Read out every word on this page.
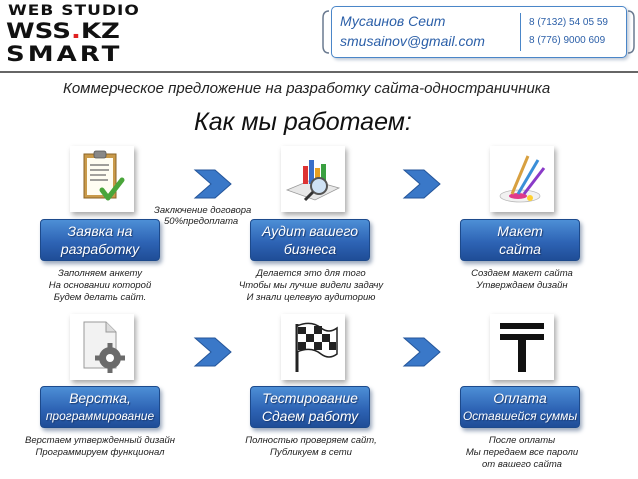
WEB STUDIO
WSS.KZ
SMART
Мусаинов Сеит
smusainov@gmail.com
8 (7132) 54 05 59
8 (776) 9000 609
Коммерческое предложение на разработку сайта-одностраничника
Как мы работаем:
Заключение договора
50%предоплата
Заявка на
разработку
Аудит вашего
бизнеса
Макет
сайта
Заполняем анкету
На основании которой
Будем делать сайт.
Делается это для того
Чтобы мы лучше видели задачу
И знали целевую аудиторию
Создаем макет сайта
Утверждаем дизайн
Верстка,
программирование
Тестирование
Сдаем работу
Оплата
Оставшейся суммы
Верстаем утвержденный дизайн
Программируем функционал
Полностью проверяем сайт,
Публикуем в сети
После оплаты
Мы передаем все пароли
от вашего сайта
